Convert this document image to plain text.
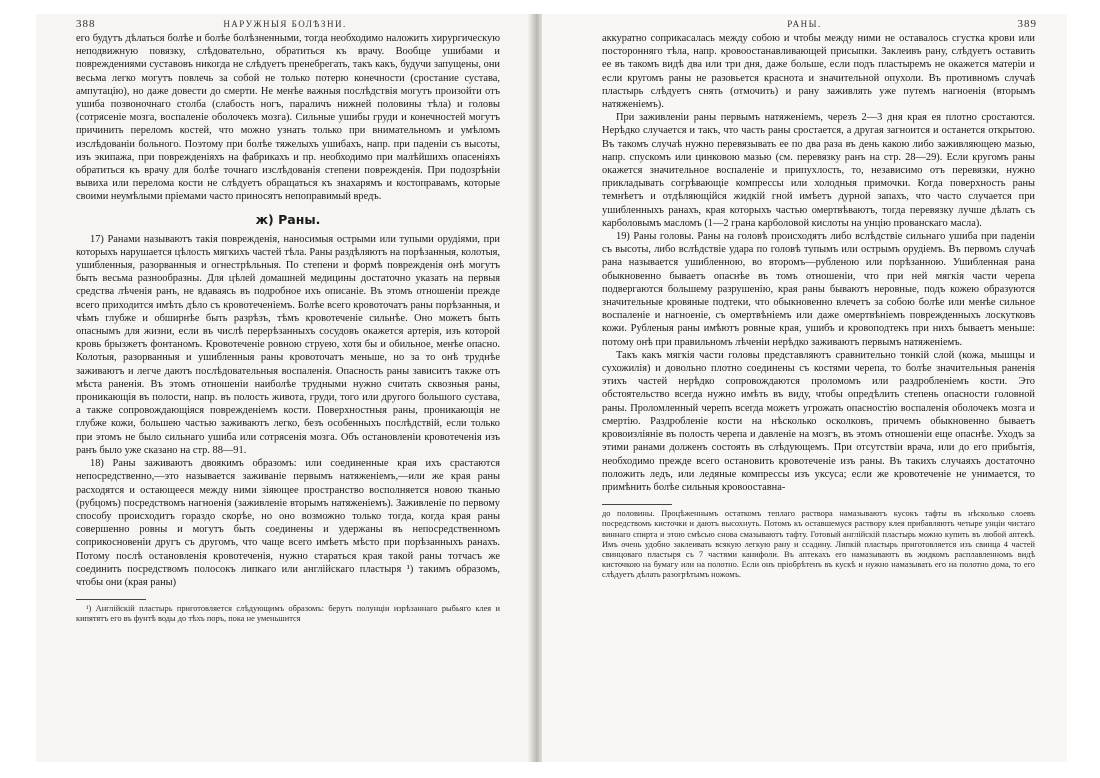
388	НАРУЖНЫЯ БОЛѢЗНИ.

его будутъ дѣлаться болѣе и болѣе болѣзненными, тогда необходимо наложить хирургическую неподвижную повязку, слѣдовательно, обратиться къ врачу. Вообще ушибами и повреждениями суставовъ никогда не слѣдуетъ пренебрегать, такъ какъ, будучи запущены, они весьма легко могутъ повлечь за собой не только потерю конечности (сростание сустава, ампутацію), но даже довести до смерти. Не менѣе важныя послѣдствія могутъ произойти отъ ушиба позвоночнаго столба (слабость ногъ, параличъ нижней половины тѣла) и головы (сотрясеніе мозга, воспаленіе оболочекъ мозга). Сильные ушибы груди и конечностей могутъ причинить переломъ костей, что можно узнать только при внимательномъ и умѣломъ изслѣдованіи больного. Поэтому при болѣе тяжелыхъ ушибахъ, напр. при паденіи съ высоты, изъ экипажа, при поврежденіяхъ на фабрикахъ и пр. необходимо при малѣйшихъ опасеніяхъ обратиться къ врачу для болѣе точнаго изслѣдованія степени поврежденія. При подозрѣніи вывиха или перелома кости не слѣдуетъ обращаться къ знахарямъ и костоправамъ, которые своими неумѣлыми пріемами часто приносятъ непоправимый вредъ.

ж) Раны.

17) Ранами называютъ такія поврежденія, наносимыя острыми или тупыми орудіями, при которыхъ нарушается цѣлость мягкихъ частей тѣла. Раны раздѣляютъ на порѣзанныя, колотыя, ушибленныя, разорванныя и огнестрѣльныя. По степени и формѣ поврежденія онѣ могутъ быть весьма разнообразны. Для цѣлей домашней медицины достаточно указать на первыя средства лѣченія ранъ, не вдаваясь въ подробное ихъ описаніе. Въ этомъ отношеніи прежде всего приходится имѣть дѣло съ кровотеченіемъ. Болѣе всего кровоточатъ раны порѣзанныя, и чѣмъ глубже и обширнѣе быть разрѣзъ, тѣмъ кровотеченіе сильнѣе. Оно можетъ быть опаснымъ для жизни, если въ числѣ перерѣзанныхъ сосудовъ окажется артерія, изъ которой кровь брызжетъ фонтаномъ. Кровотеченіе ровною струею, хотя бы и обильное, менѣе опасно. Колотыя, разорванныя и ушибленныя раны кровоточатъ меньше, но за то онѣ труднѣе заживаютъ и легче даютъ послѣдовательныя воспаленія. Опасность раны зависитъ также отъ мѣста раненія. Въ этомъ отношеніи наиболѣе трудными нужно считать сквозныя раны, проникающія въ полости, напр. въ полость живота, груди, того или другого большого сустава, а также сопровождающіяся поврежденіемъ кости. Поверхностныя раны, проникающія не глубже кожи, большею частью заживаютъ легко, безъ особенныхъ послѣдствій, если только при этомъ не было сильнаго ушиба или сотрясенія мозга. Объ остановленіи кровотеченія изъ ранъ было уже сказано на стр. 88—91.

18) Раны заживаютъ двоякимъ образомъ: или соединенные края ихъ срастаются непосредственно,—это называется заживаніе первымъ натяженіемъ,—или же края раны расходятся и остающееся между ними зіяющее пространство восполняется новою тканью (рубцомъ) посредствомъ нагноенія (заживленіе вторымъ натяженіемъ). Заживленіе по первому способу происходитъ гораздо скорѣе, но оно возможно только тогда, когда края раны совершенно ровны и могутъ быть соединены и удержаны въ непосредственномъ соприкосновеніи другъ съ другомъ, что чаще всего имѣетъ мѣсто при порѣзанныхъ ранахъ. Потому послѣ остановленія кровотеченія, нужно стараться края такой раны тотчасъ же соединить посредствомъ полосокъ липкаго или англійскаго пластыря ¹) такимъ образомъ, чтобы они (края раны)

¹) Англійскій пластырь приготовляется слѣдующимъ образомъ: берутъ полунціи изрѣзаннаго рыбьяго клея и кипятятъ его въ фунтѣ воды до тѣхъ поръ, пока не уменьшится

РАНЫ.	389

аккуратно соприкасалась между собою и чтобы между ними не оставалось сгустка крови или посторонняго тѣла, напр. кровоостанавливающей присыпки. Заклеивъ рану, слѣдуетъ оставить ее въ такомъ видѣ два или три дня, даже больше, если подъ пластыремъ не окажется матеріи и если кругомъ раны не разовьется краснота и значительной опухоли. Въ противномъ случаѣ пластырь слѣдуетъ снять (отмочить) и рану заживлять уже путемъ нагноенія (вторымъ натяженіемъ).

При заживленіи раны первымъ натяженіемъ, черезъ 2—3 дня края ея плотно сростаются. Нерѣдко случается и такъ, что часть раны сростается, а другая загноится и останется открытою. Въ такомъ случаѣ нужно перевязывать ее по два раза въ день какою либо заживляющею мазью, напр. спускомъ или цинковою мазью (см. перевязку ранъ на стр. 28—29). Если кругомъ раны окажется значительное воспаленіе и припухлость, то, независимо отъ перевязки, нужно прикладывать согрѣвающіе компрессы или холодныя примочки. Когда поверхность раны темнѣетъ и отдѣляющійся жидкій гной имѣетъ дурной запахъ, что часто случается при ушибленныхъ ранахъ, края которыхъ частью омертвѣваютъ, тогда перевязку лучше дѣлать съ карболовымъ масломъ (1—2 грана карболовой кислоты на унцію прованскаго масла).

19) Раны головы. Раны на головѣ происходятъ либо вслѣдствіе сильнаго ушиба при паденіи съ высоты, либо вслѣдствіе удара по головѣ тупымъ или острымъ орудіемъ. Въ первомъ случаѣ рана называется ушибленною, во второмъ—рубленою или порѣзанною. Ушибленная рана обыкновенно бываетъ опаснѣе въ томъ отношеніи, что при ней мягкія части черепа подвергаются большему разрушенію, края раны бываютъ неровные, подъ кожею образуются значительные кровяные подтеки, что обыкновенно влечетъ за собою болѣе или менѣе сильное воспаленіе и нагноеніе, съ омертвѣніемъ или даже омертвѣніемъ поврежденныхъ лоскутковъ кожи. Рубленыя раны имѣютъ ровные края, ушибъ и кровоподтекъ при нихъ бываетъ меньше: потому онѣ при правильномъ лѣченіи нерѣдко заживаютъ первымъ натяженіемъ.

Такъ какъ мягкія части головы представляютъ сравнительно тонкій слой (кожа, мышцы и сухожилія) и довольно плотно соединены съ костями черепа, то болѣе значительныя раненія этихъ частей нерѣдко сопровождаются проломомъ или раздробленіемъ кости. Это обстоятельство всегда нужно имѣть въ виду, чтобы опредѣлить степень опасности головной раны. Проломленный черепъ всегда можетъ угрожать опасностію воспаленія оболочекъ мозга и смертію. Раздробленіе кости на нѣсколько осколковъ, причемъ обыкновенно бываетъ кровоизліяніе въ полость черепа и давленіе на мозгъ, въ этомъ отношеніи еще опаснѣе. Уходъ за этими ранами долженъ состоять въ слѣдующемъ. При отсутствіи врача, или до его прибытія, необходимо прежде всего остановить кровотеченіе изъ раны. Въ такихъ случаяхъ достаточно положить ледъ, или ледяные компрессы изъ уксуса; если же кровотеченіе не унимается, то примѣнить болѣе сильныя кровооставна-

до половины. Процѣженнымъ остаткомъ теплаго раствора намазываютъ кусокъ тафты въ нѣсколько слоевъ посредствомъ кисточки и даютъ высохнуть. Потомъ къ оставшемуся раствору клея прибавляютъ четыре унціи чистаго виннаго спирта и этою смѣсью снова смазываютъ тафту. Готовый англійскій пластырь можно купить въ любой аптекѣ. Имъ очень удобно заклеивать всякую легкую рану и ссадину. Липкій пластырь приготовляется изъ свинца 4 частей свинцоваго пластыря съ 7 частями канифоли. Въ аптекахъ его намазываютъ въ жидкомъ расплавленномъ видѣ кисточкою на бумагу или на полотно. Если онъ пріобрѣтенъ въ кускѣ и нужно намазывать его на полотно дома, то его слѣдуетъ дѣлать разогрѣтымъ ножомъ.
